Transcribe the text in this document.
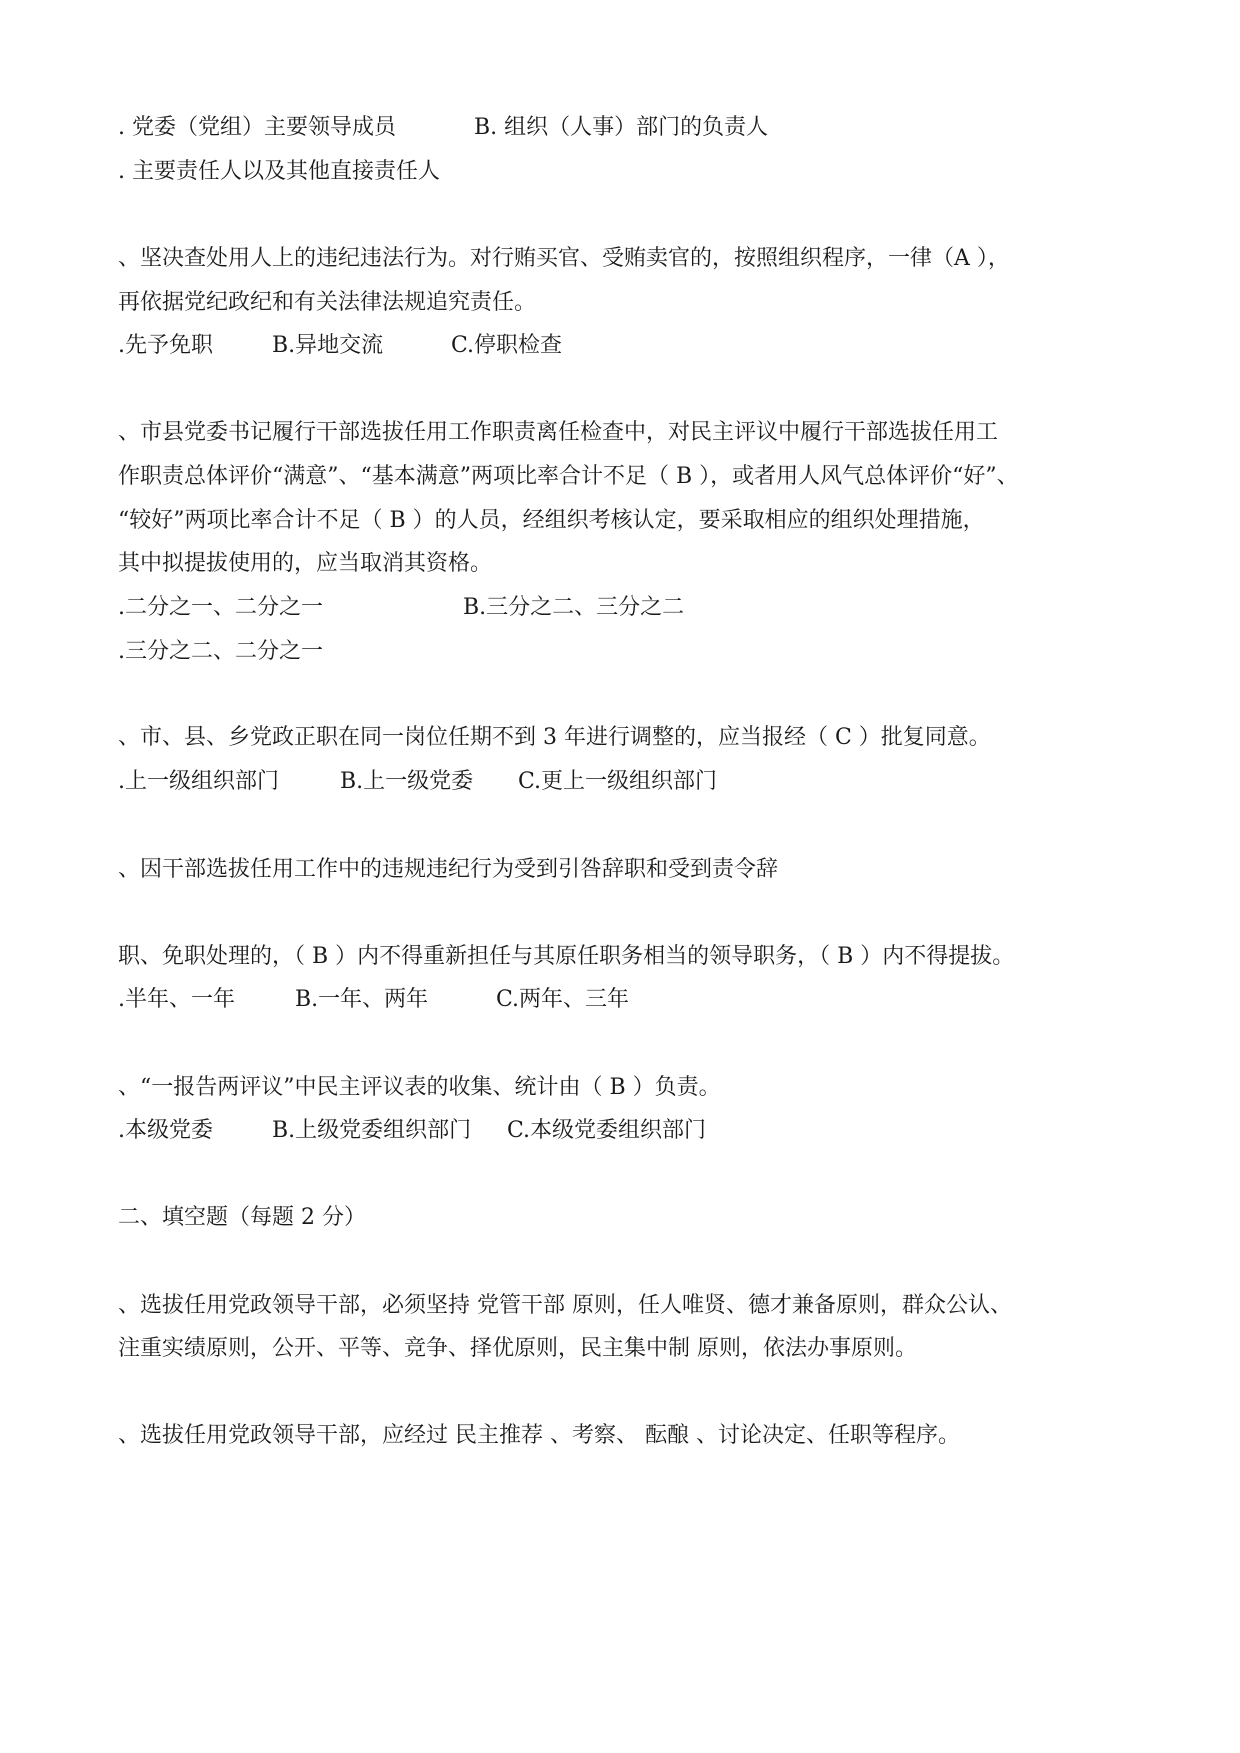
. 党委（党组）主要领导成员	B. 组织（人事）部门的负责人
. 主要责任人以及其他直接责任人
、坚决查处用人上的违纪违法行为。对行贿买官、受贿卖官的，按照组织程序，一律（A ），
再依据党纪政纪和有关法律法规追究责任。
.先予免职	B.异地交流	C.停职检查
、市县党委书记履行干部选拔任用工作职责离任检查中，对民主评议中履行干部选拔任用工
作职责总体评价“满意”、“基本满意”两项比率合计不足（ B ），或者用人风气总体评价“好”、
“较好”两项比率合计不足（ B ）的人员，经组织考核认定，要采取相应的组织处理措施，
其中拟提拔使用的，应当取消其资格。
.二分之一、二分之一	B.三分之二、三分之二
.三分之二、二分之一
、市、县、乡党政正职在同一岗位任期不到 3 年进行调整的，应当报经（ C ）批复同意。
.上一级组织部门	B.上一级党委 C.更上一级组织部门
、因干部选拔任用工作中的违规违纪行为受到引咎辞职和受到责令辞
职、免职处理的，（ B ）内不得重新担任与其原任职务相当的领导职务，（ B ）内不得提拔。
.半年、一年	B.一年、两年	C.两年、三年
、“一报告两评议”中民主评议表的收集、统计由（ B ）负责。
.本级党委	B.上级党委组织部门 C.本级党委组织部门
二、填空题（每题 2 分）
、选拔任用党政领导干部，必须坚持 党管干部 原则，任人唯贤、德才兼备原则，群众公认、
注重实绩原则，公开、平等、竞争、择优原则，民主集中制 原则，依法办事原则。
、选拔任用党政领导干部，应经过 民主推荐 、考察、 酝酿 、讨论决定、任职等程序。
